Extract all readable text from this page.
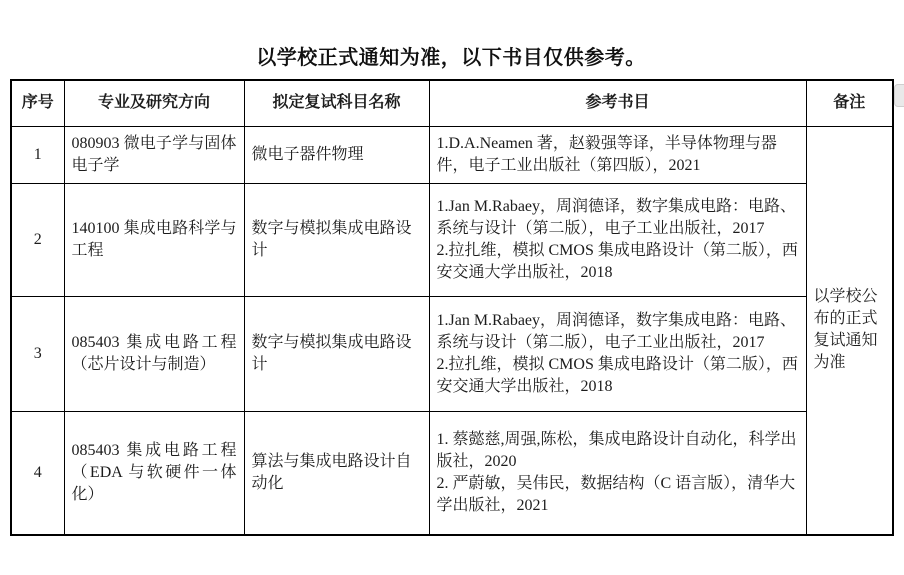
以学校正式通知为准，以下书目仅供参考。
序号	专业及研究方向	拟定复试科目名称	参考书目	备注
1	080903 微电子学与固体电子学	微电子器件物理	1.D.A.Neamen 著，赵毅强等译，半导体物理与器件，电子工业出版社（第四版），2021	以学校公布的正式复试通知为准
2	140100 集成电路科学与工程	数字与模拟集成电路设计	1.Jan M.Rabaey，周润德译，数字集成电路：电路、系统与设计（第二版），电子工业出版社，2017
2.拉扎维，模拟 CMOS 集成电路设计（第二版），西安交通大学出版社，2018	

3	085403 集成电路工程（芯片设计与制造）	数字与模拟集成电路设计	1.Jan M.Rabaey，周润德译，数字集成电路：电路、系统与设计（第二版），电子工业出版社，2017
2.拉扎维，模拟 CMOS 集成电路设计（第二版），西安交通大学出版社，2018	

4	085403 集成电路工程（EDA 与软硬件一体化）	算法与集成电路设计自动化	1. 蔡懿慈,周强,陈松，集成电路设计自动化，科学出版社，2020
2. 严蔚敏，吴伟民，数据结构（C 语言版），清华大学出版社，2021	
